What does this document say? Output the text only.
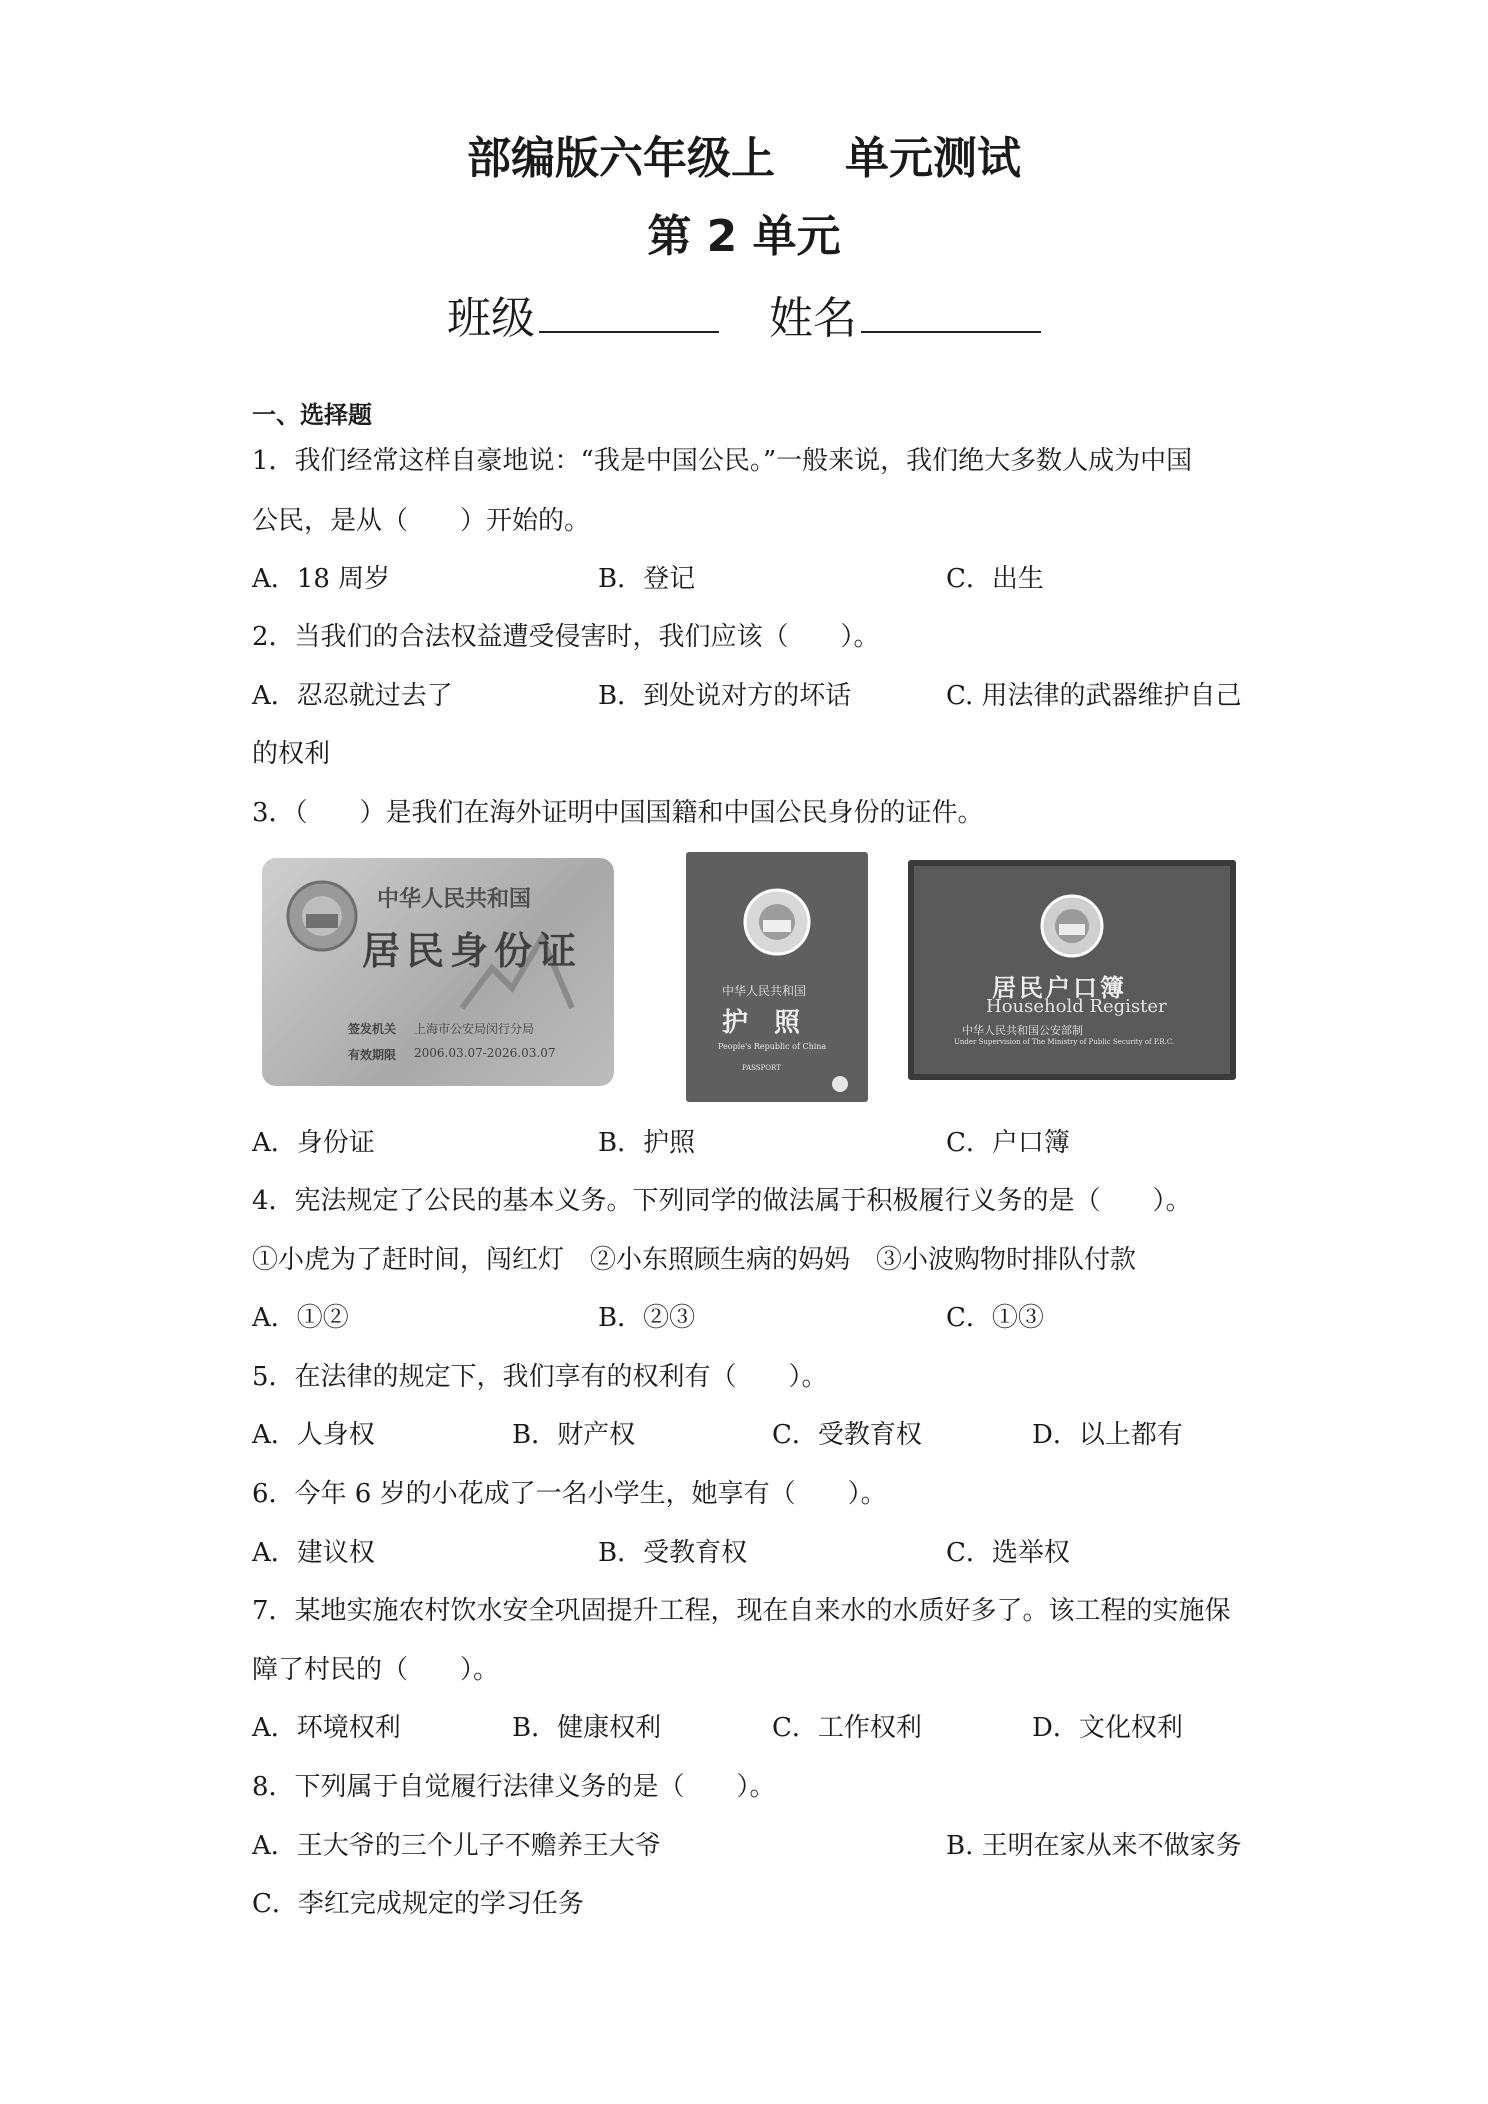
部编版六年级上 单元测试
第 2 单元
班级	姓名
一、选择题
1．我们经常这样自豪地说：“我是中国公民。”一般来说，我们绝大多数人成为中国
公民，是从（　　）开始的。
A．18 周岁	B．登记	C．出生
2．当我们的合法权益遭受侵害时，我们应该（　　）。
A．忍忍就过去了	B．到处说对方的坏话	C. 用法律的武器维护自己
的权利
3．（　　）是我们在海外证明中国国籍和中国公民身份的证件。
中华人民共和国
居民身份证
签发机关 上海市公安局闵行分局
有效期限 2006.03.07-2026.03.07
中华人民共和国
护　照
People's Republic of China
PASSPORT
居民户口簿
Household Register
中华人民共和国公安部制
Under Supervision of The Ministry of Public Security of P.R.C.
A．身份证	B．护照	C．户口簿
4．宪法规定了公民的基本义务。下列同学的做法属于积极履行义务的是（　　）。
①小虎为了赶时间，闯红灯　②小东照顾生病的妈妈　③小波购物时排队付款
A．①②	B．②③	C．①③
5．在法律的规定下，我们享有的权利有（　　）。
A．人身权	B．财产权	C．受教育权	D．以上都有
6．今年 6 岁的小花成了一名小学生，她享有（　　）。
A．建议权	B．受教育权	C．选举权
7．某地实施农村饮水安全巩固提升工程，现在自来水的水质好多了。该工程的实施保
障了村民的（　　）。
A．环境权利	B．健康权利	C．工作权利	D．文化权利
8．下列属于自觉履行法律义务的是（　　）。
A．王大爷的三个儿子不赡养王大爷	B. 王明在家从来不做家务
C．李红完成规定的学习任务
